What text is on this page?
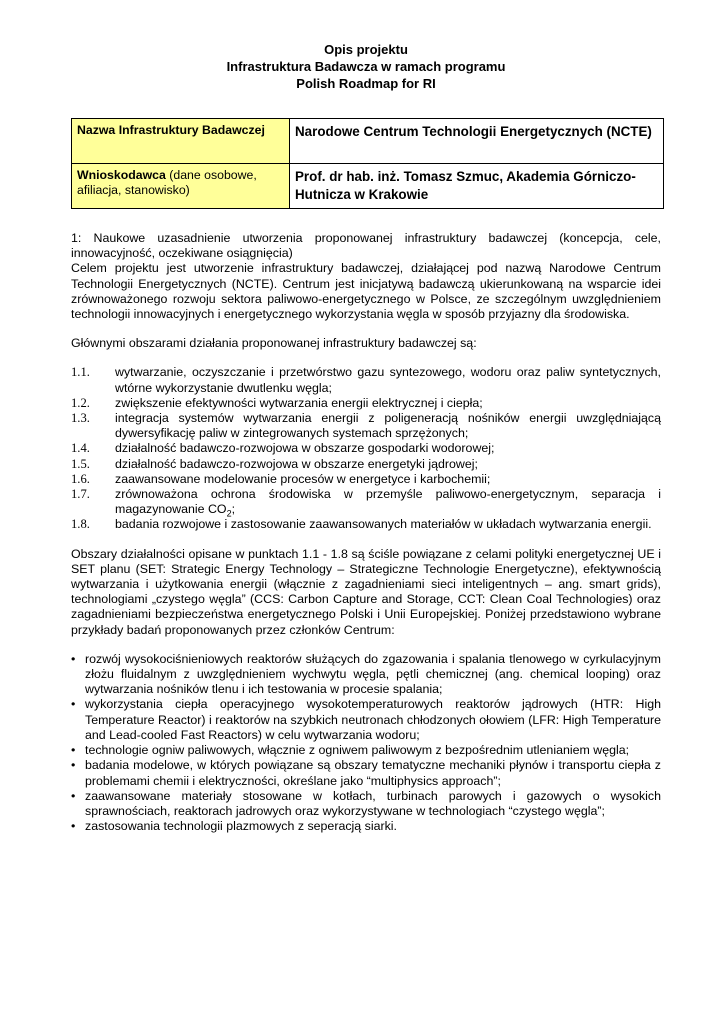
Opis projektu
Infrastruktura Badawcza w ramach programu
Polish Roadmap for RI
Nazwa Infrastruktury Badawczej	Narodowe Centrum Technologii Energetycznych (NCTE)
Wnioskodawca (dane osobowe, afiliacja, stanowisko)	Prof. dr hab. inż. Tomasz Szmuc, Akademia Górniczo-Hutnicza w Krakowie

1: Naukowe uzasadnienie utworzenia proponowanej infrastruktury badawczej (koncepcja, cele, innowacyjność, oczekiwane osiągnięcia)

Celem projektu jest utworzenie infrastruktury badawczej, działającej pod nazwą Narodowe Centrum Technologii Energetycznych (NCTE). Centrum jest inicjatywą badawczą ukierunkowaną na wsparcie idei zrównoważonego rozwoju sektora paliwowo-energetycznego w Polsce, ze szczególnym uwzględnieniem technologii innowacyjnych i energetycznego wykorzystania węgla w sposób przyjazny dla środowiska.

Głównymi obszarami działania proponowanej infrastruktury badawczej są:

1.1. wytwarzanie, oczyszczanie i przetwórstwo gazu syntezowego, wodoru oraz paliw syntetycznych, wtórne wykorzystanie dwutlenku węgla;
1.2. zwiększenie efektywności wytwarzania energii elektrycznej i ciepła;
1.3. integracja systemów wytwarzania energii z poligeneracją nośników energii uwzględniającą dywersyfikację paliw w zintegrowanych systemach sprzężonych;
1.4. działalność badawczo-rozwojowa w obszarze gospodarki wodorowej;
1.5. działalność badawczo-rozwojowa w obszarze energetyki jądrowej;
1.6. zaawansowane modelowanie procesów w energetyce i karbochemii;
1.7. zrównoważona ochrona środowiska w przemyśle paliwowo-energetycznym, separacja i magazynowanie $CO_2$;
1.8. badania rozwojowe i zastosowanie zaawansowanych materiałów w układach wytwarzania energii.

Obszary działalności opisane w punktach 1.1 - 1.8 są ściśle powiązane z celami polityki energetycznej UE i SET planu (SET: Strategic Energy Technology – Strategiczne Technologie Energetyczne), efektywnością wytwarzania i użytkowania energii (włącznie z zagadnieniami sieci inteligentnych – ang. smart grids), technologiami „czystego węgla” (CCS: Carbon Capture and Storage, CCT: Clean Coal Technologies) oraz zagadnieniami bezpieczeństwa energetycznego Polski i Unii Europejskiej. Poniżej przedstawiono wybrane przykłady badań proponowanych przez członków Centrum:

• rozwój wysokociśnieniowych reaktorów służących do zgazowania i spalania tlenowego w cyrkulacyjnym złożu fluidalnym z uwzględnieniem wychwytu węgla, pętli chemicznej (ang. chemical looping) oraz wytwarzania nośników tlenu i ich testowania w procesie spalania;
• wykorzystania ciepła operacyjnego wysokotemperaturowych reaktorów jądrowych (HTR: High Temperature Reactor) i reaktorów na szybkich neutronach chłodzonych ołowiem (LFR: High Temperature and Lead-cooled Fast Reactors) w celu wytwarzania wodoru;
• technologie ogniw paliwowych, włącznie z ogniwem paliwowym z bezpośrednim utlenianiem węgla;
• badania modelowe, w których powiązane są obszary tematyczne mechaniki płynów i transportu ciepła z problemami chemii i elektryczności, określane jako “multiphysics approach”;
• zaawansowane materiały stosowane w kotłach, turbinach parowych i gazowych o wysokich sprawnościach, reaktorach jadrowych oraz wykorzystywane w technologiach “czystego węgla”;
• zastosowania technologii plazmowych z seperacją siarki.
